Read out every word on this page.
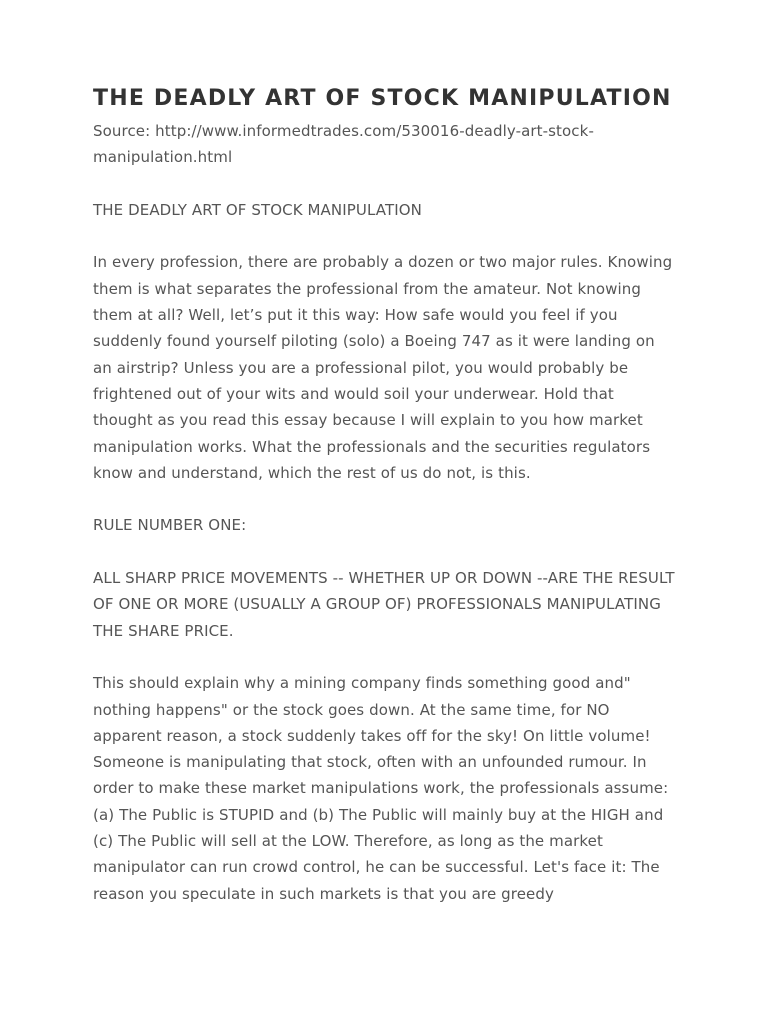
THE DEADLY ART OF STOCK MANIPULATION

Source: http://www.informedtrades.com/530016-deadly-art-stock-manipulation.html

THE DEADLY ART OF STOCK MANIPULATION

In every profession, there are probably a dozen or two major rules. Knowing them is what separates the professional from the amateur. Not knowing them at all? Well, let’s put it this way: How safe would you feel if you suddenly found yourself piloting (solo) a Boeing 747 as it were landing on an airstrip? Unless you are a professional pilot, you would probably be frightened out of your wits and would soil your underwear. Hold that thought as you read this essay because I will explain to you how market manipulation works. What the professionals and the securities regulators know and understand, which the rest of us do not, is this.

RULE NUMBER ONE:

ALL SHARP PRICE MOVEMENTS -- WHETHER UP OR DOWN --ARE THE RESULT OF ONE OR MORE (USUALLY A GROUP OF) PROFESSIONALS MANIPULATING THE SHARE PRICE.

This should explain why a mining company finds something good and" nothing happens" or the stock goes down. At the same time, for NO apparent reason, a stock suddenly takes off for the sky! On little volume! Someone is manipulating that stock, often with an unfounded rumour. In order to make these market manipulations work, the professionals assume: (a) The Public is STUPID and (b) The Public will mainly buy at the HIGH and (c) The Public will sell at the LOW. Therefore, as long as the market manipulator can run crowd control, he can be successful. Let's face it: The reason you speculate in such markets is that you are greedy
